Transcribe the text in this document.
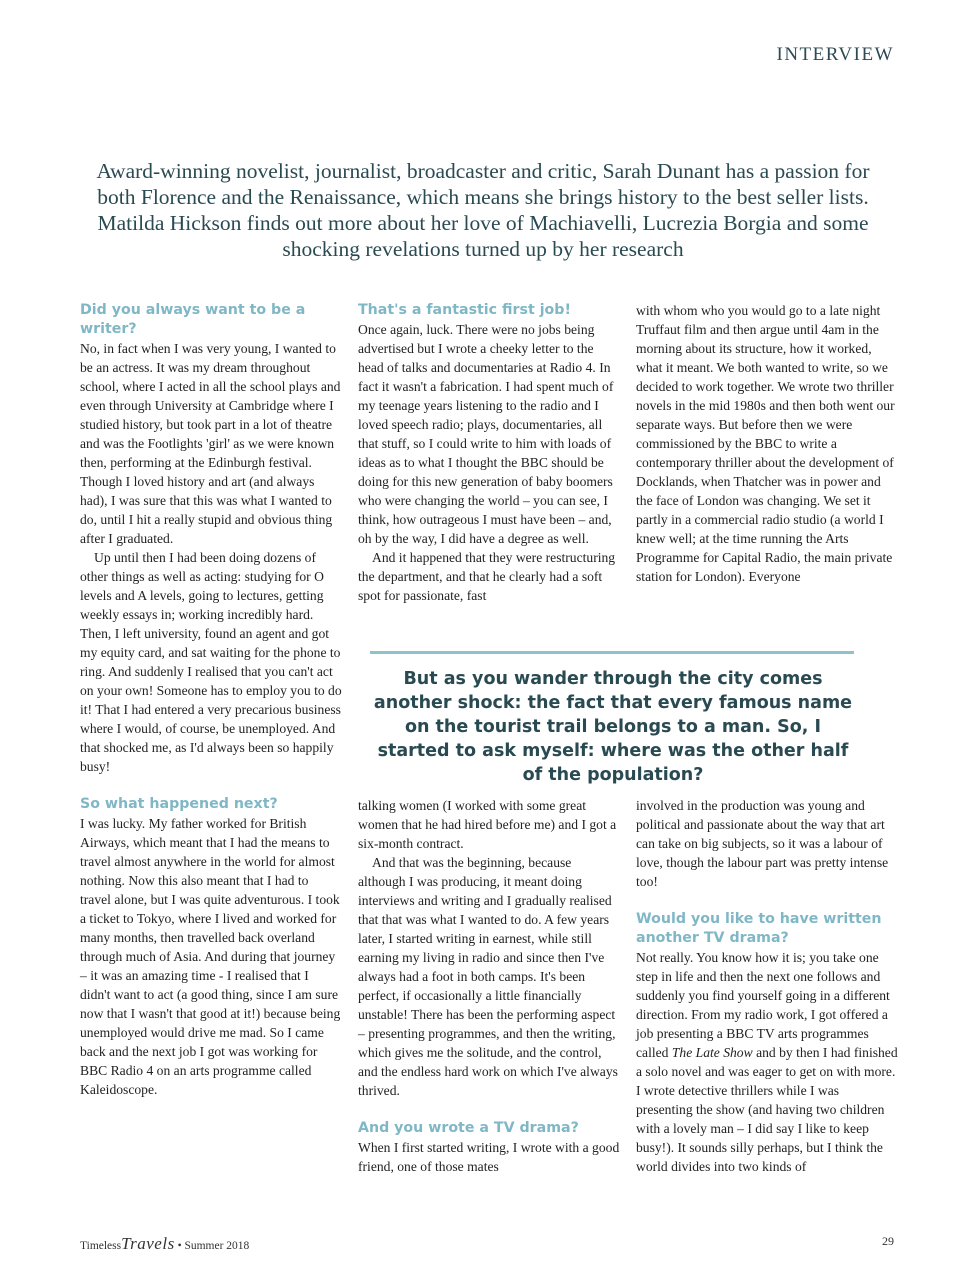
INTERVIEW
Award-winning novelist, journalist, broadcaster and critic, Sarah Dunant has a passion for both Florence and the Renaissance, which means she brings history to the best seller lists. Matilda Hickson finds out more about her love of Machiavelli, Lucrezia Borgia and some shocking revelations turned up by her research
Did you always want to be a writer?

No, in fact when I was very young, I wanted to be an actress. It was my dream throughout school, where I acted in all the school plays and even through University at Cambridge where I studied history, but took part in a lot of theatre and was the Footlights 'girl' as we were known then, performing at the Edinburgh festival. Though I loved history and art (and always had), I was sure that this was what I wanted to do, until I hit a really stupid and obvious thing after I graduated.

Up until then I had been doing dozens of other things as well as acting: studying for O levels and A levels, going to lectures, getting weekly essays in; working incredibly hard. Then, I left university, found an agent and got my equity card, and sat waiting for the phone to ring. And suddenly I realised that you can't act on your own! Someone has to employ you to do it! That I had entered a very precarious business where I would, of course, be unemployed. And that shocked me, as I'd always been so happily busy!

So what happened next?

I was lucky. My father worked for British Airways, which meant that I had the means to travel almost anywhere in the world for almost nothing. Now this also meant that I had to travel alone, but I was quite adventurous. I took a ticket to Tokyo, where I lived and worked for many months, then travelled back overland through much of Asia. And during that journey – it was an amazing time - I realised that I didn't want to act (a good thing, since I am sure now that I wasn't that good at it!) because being unemployed would drive me mad. So I came back and the next job I got was working for BBC Radio 4 on an arts programme called Kaleidoscope.

That's a fantastic first job!

Once again, luck. There were no jobs being advertised but I wrote a cheeky letter to the head of talks and documentaries at Radio 4. In fact it wasn't a fabrication. I had spent much of my teenage years listening to the radio and I loved speech radio; plays, documentaries, all that stuff, so I could write to him with loads of ideas as to what I thought the BBC should be doing for this new generation of baby boomers who were changing the world – you can see, I think, how outrageous I must have been – and, oh by the way, I did have a degree as well.

And it happened that they were restructuring the department, and that he clearly had a soft spot for passionate, fast

with whom who you would go to a late night Truffaut film and then argue until 4am in the morning about its structure, how it worked, what it meant. We both wanted to write, so we decided to work together. We wrote two thriller novels in the mid 1980s and then both went our separate ways. But before then we were commissioned by the BBC to write a contemporary thriller about the development of Docklands, when Thatcher was in power and the face of London was changing. We set it partly in a commercial radio studio (a world I knew well; at the time running the Arts Programme for Capital Radio, the main private station for London). Everyone

But as you wander through the city comes another shock: the fact that every famous name on the tourist trail belongs to a man. So, I started to ask myself: where was the other half of the population?

talking women (I worked with some great women that he had hired before me) and I got a six-month contract.

And that was the beginning, because although I was producing, it meant doing interviews and writing and I gradually realised that that was what I wanted to do. A few years later, I started writing in earnest, while still earning my living in radio and since then I've always had a foot in both camps. It's been perfect, if occasionally a little financially unstable! There has been the performing aspect – presenting programmes, and then the writing, which gives me the solitude, and the control, and the endless hard work on which I've always thrived.

And you wrote a TV drama?

When I first started writing, I wrote with a good friend, one of those mates

involved in the production was young and political and passionate about the way that art can take on big subjects, so it was a labour of love, though the labour part was pretty intense too!

Would you like to have written another TV drama?

Not really. You know how it is; you take one step in life and then the next one follows and suddenly you find yourself going in a different direction. From my radio work, I got offered a job presenting a BBC TV arts programmes called The Late Show and by then I had finished a solo novel and was eager to get on with more. I wrote detective thrillers while I was presenting the show (and having two children with a lovely man – I did say I like to keep busy!). It sounds silly perhaps, but I think the world divides into two kinds of

TimelessTravels • Summer 2018	29
